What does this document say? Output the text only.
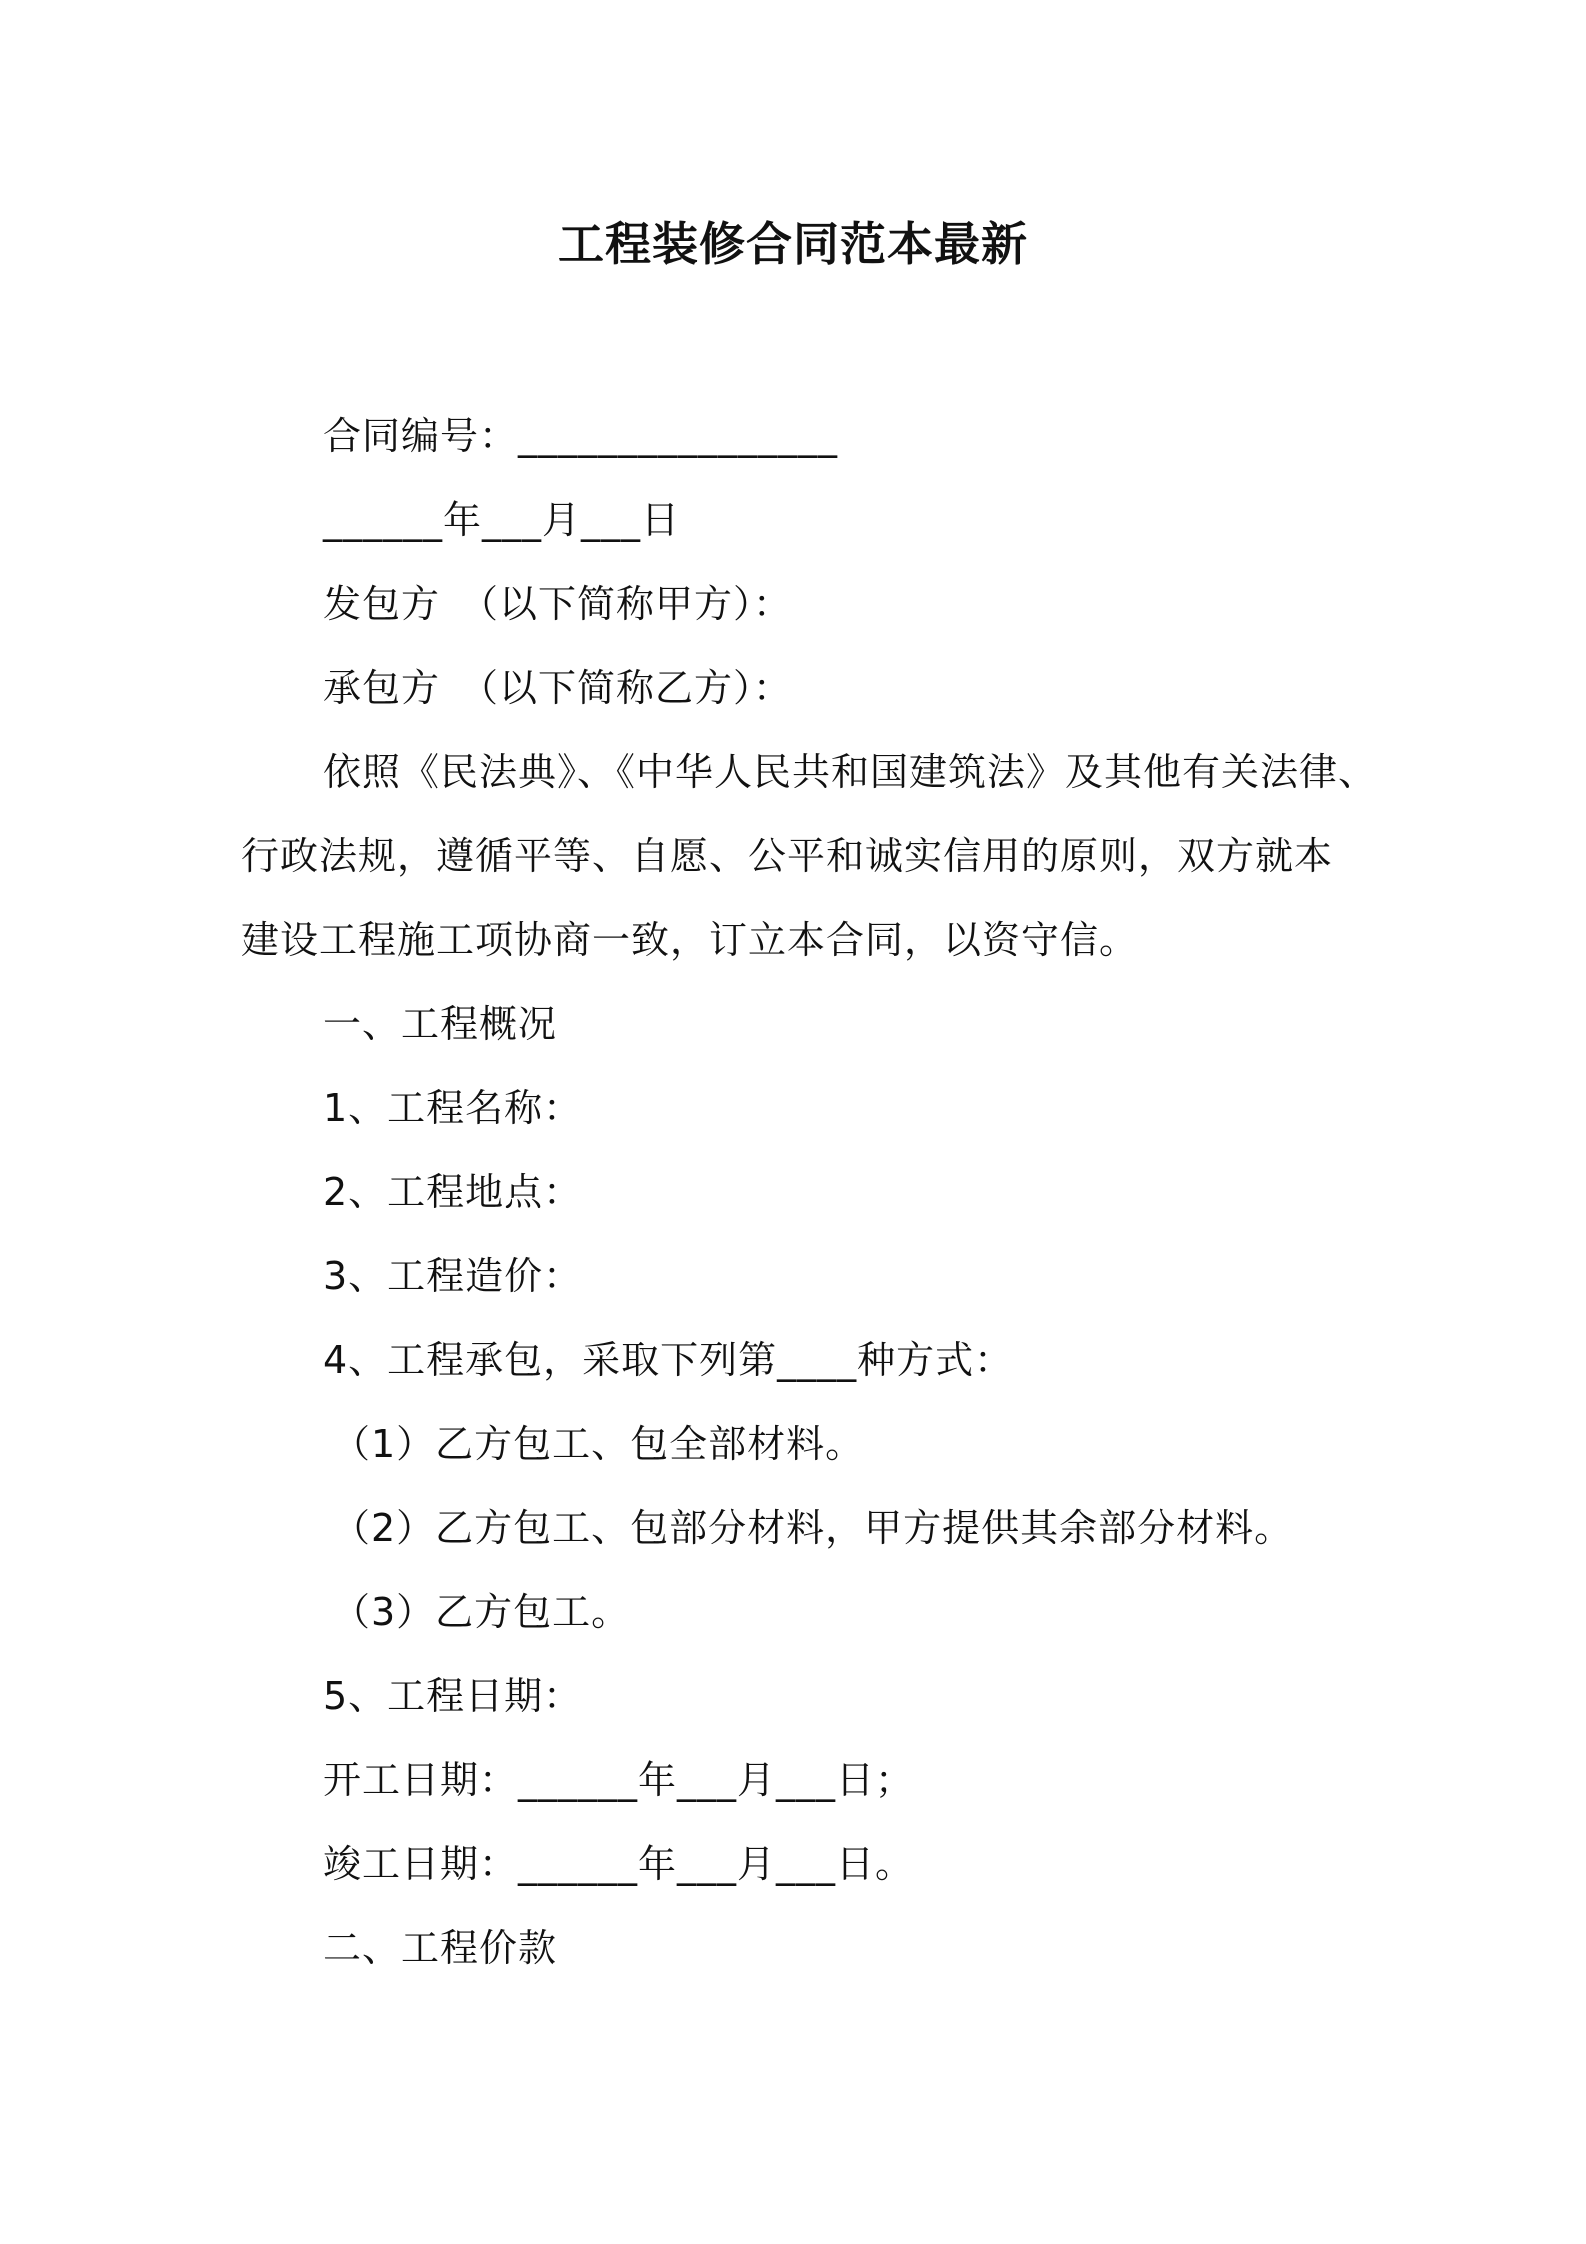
工程装修合同范本最新
合同编号：________________
______年___月___日
发包方　（以下简称甲方）：
承包方　（以下简称乙方）：
依照《民法典》、《中华人民共和国建筑法》及其他有关法律、
行政法规，遵循平等、自愿、公平和诚实信用的原则，双方就本
建设工程施工项协商一致，订立本合同，以资守信。
一、工程概况
1、工程名称：
2、工程地点：
3、工程造价：
4、工程承包，采取下列第____种方式：
（1）乙方包工、包全部材料。
（2）乙方包工、包部分材料，甲方提供其余部分材料。
（3）乙方包工。
5、工程日期：
开工日期：______年___月___日；
竣工日期：______年___月___日。
二、工程价款
